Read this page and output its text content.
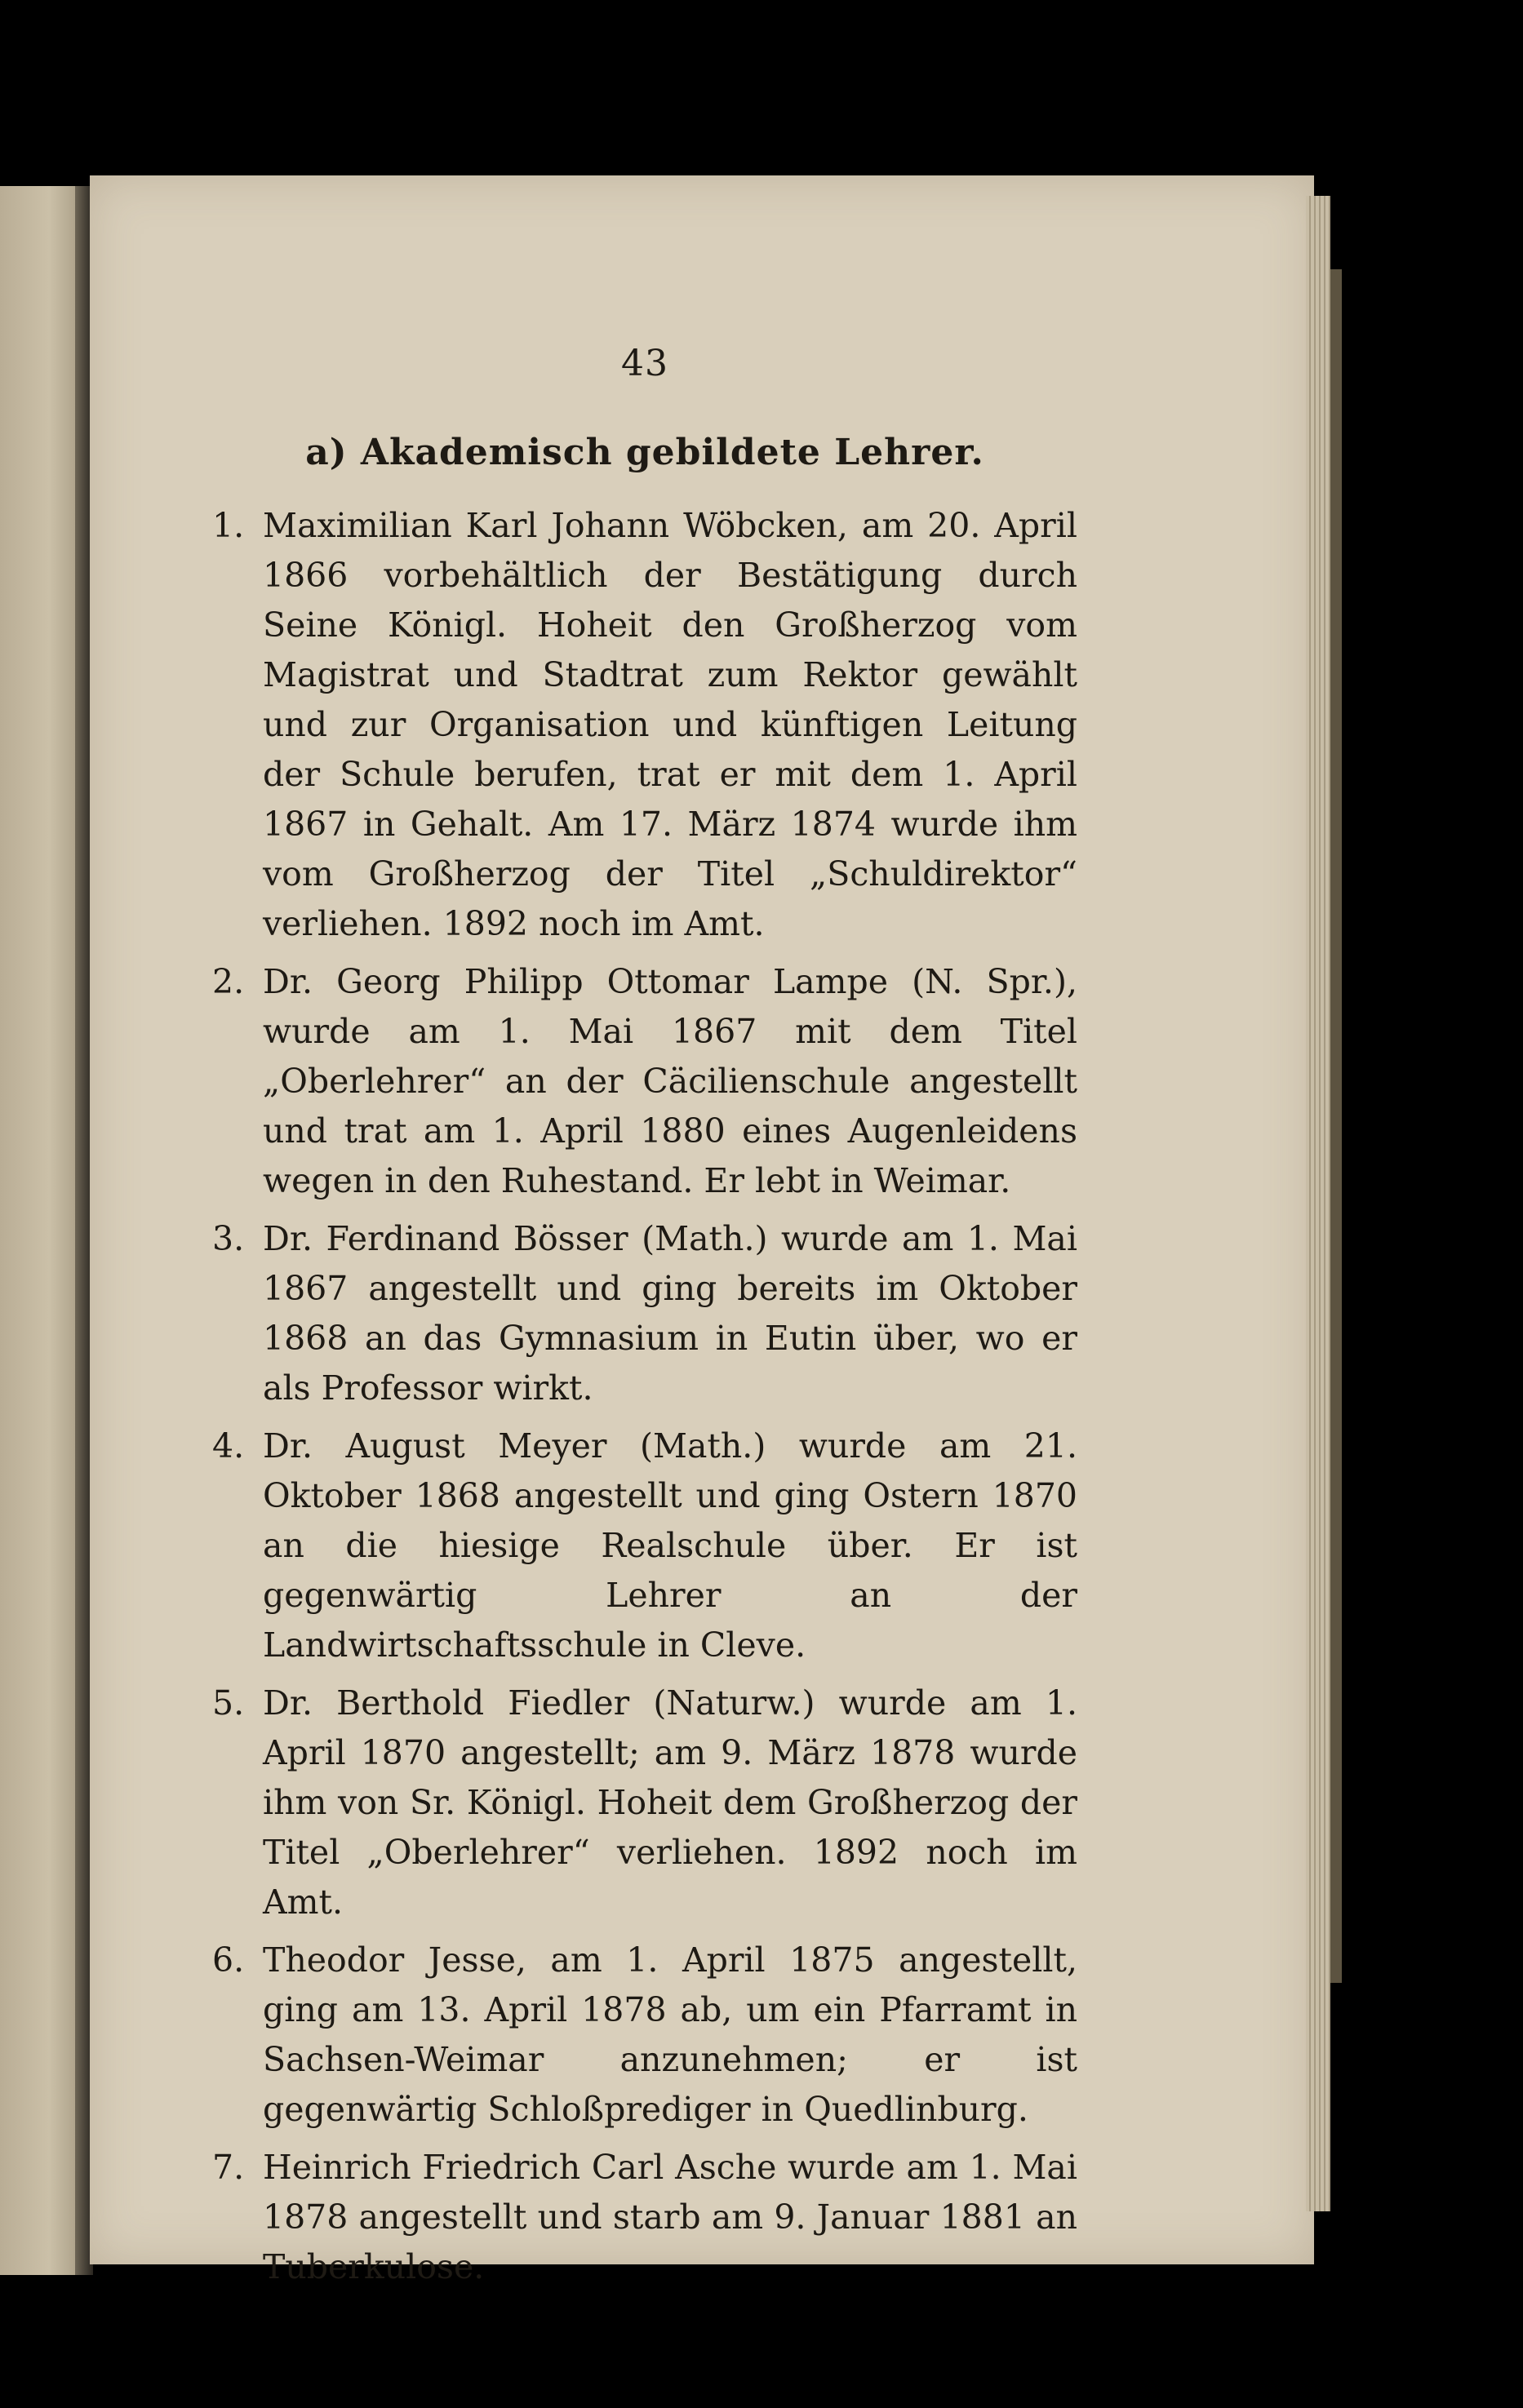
43
a) Akademisch gebildete Lehrer.
1. Maximilian Karl Johann Wöbcken, am 20. April 1866 vorbehältlich der Bestätigung durch Seine Königl. Hoheit den Großherzog vom Magistrat und Stadtrat zum Rektor gewählt und zur Organisation und künftigen Leitung der Schule berufen, trat er mit dem 1. April 1867 in Gehalt. Am 17. März 1874 wurde ihm vom Großherzog der Titel „Schuldirektor“ verliehen. 1892 noch im Amt.
2. Dr. Georg Philipp Ottomar Lampe (N. Spr.), wurde am 1. Mai 1867 mit dem Titel „Oberlehrer“ an der Cäcilienschule angestellt und trat am 1. April 1880 eines Augenleidens wegen in den Ruhestand. Er lebt in Weimar.
3. Dr. Ferdinand Bösser (Math.) wurde am 1. Mai 1867 angestellt und ging bereits im Oktober 1868 an das Gymnasium in Eutin über, wo er als Professor wirkt.
4. Dr. August Meyer (Math.) wurde am 21. Oktober 1868 angestellt und ging Ostern 1870 an die hiesige Realschule über. Er ist gegenwärtig Lehrer an der Landwirtschaftsschule in Cleve.
5. Dr. Berthold Fiedler (Naturw.) wurde am 1. April 1870 angestellt; am 9. März 1878 wurde ihm von Sr. Königl. Hoheit dem Großherzog der Titel „Oberlehrer“ verliehen. 1892 noch im Amt.
6. Theodor Jesse, am 1. April 1875 angestellt, ging am 13. April 1878 ab, um ein Pfarramt in Sachsen-Weimar anzunehmen; er ist gegenwärtig Schloßprediger in Quedlinburg.
7. Heinrich Friedrich Carl Asche wurde am 1. Mai 1878 angestellt und starb am 9. Januar 1881 an Tuberkulose.
